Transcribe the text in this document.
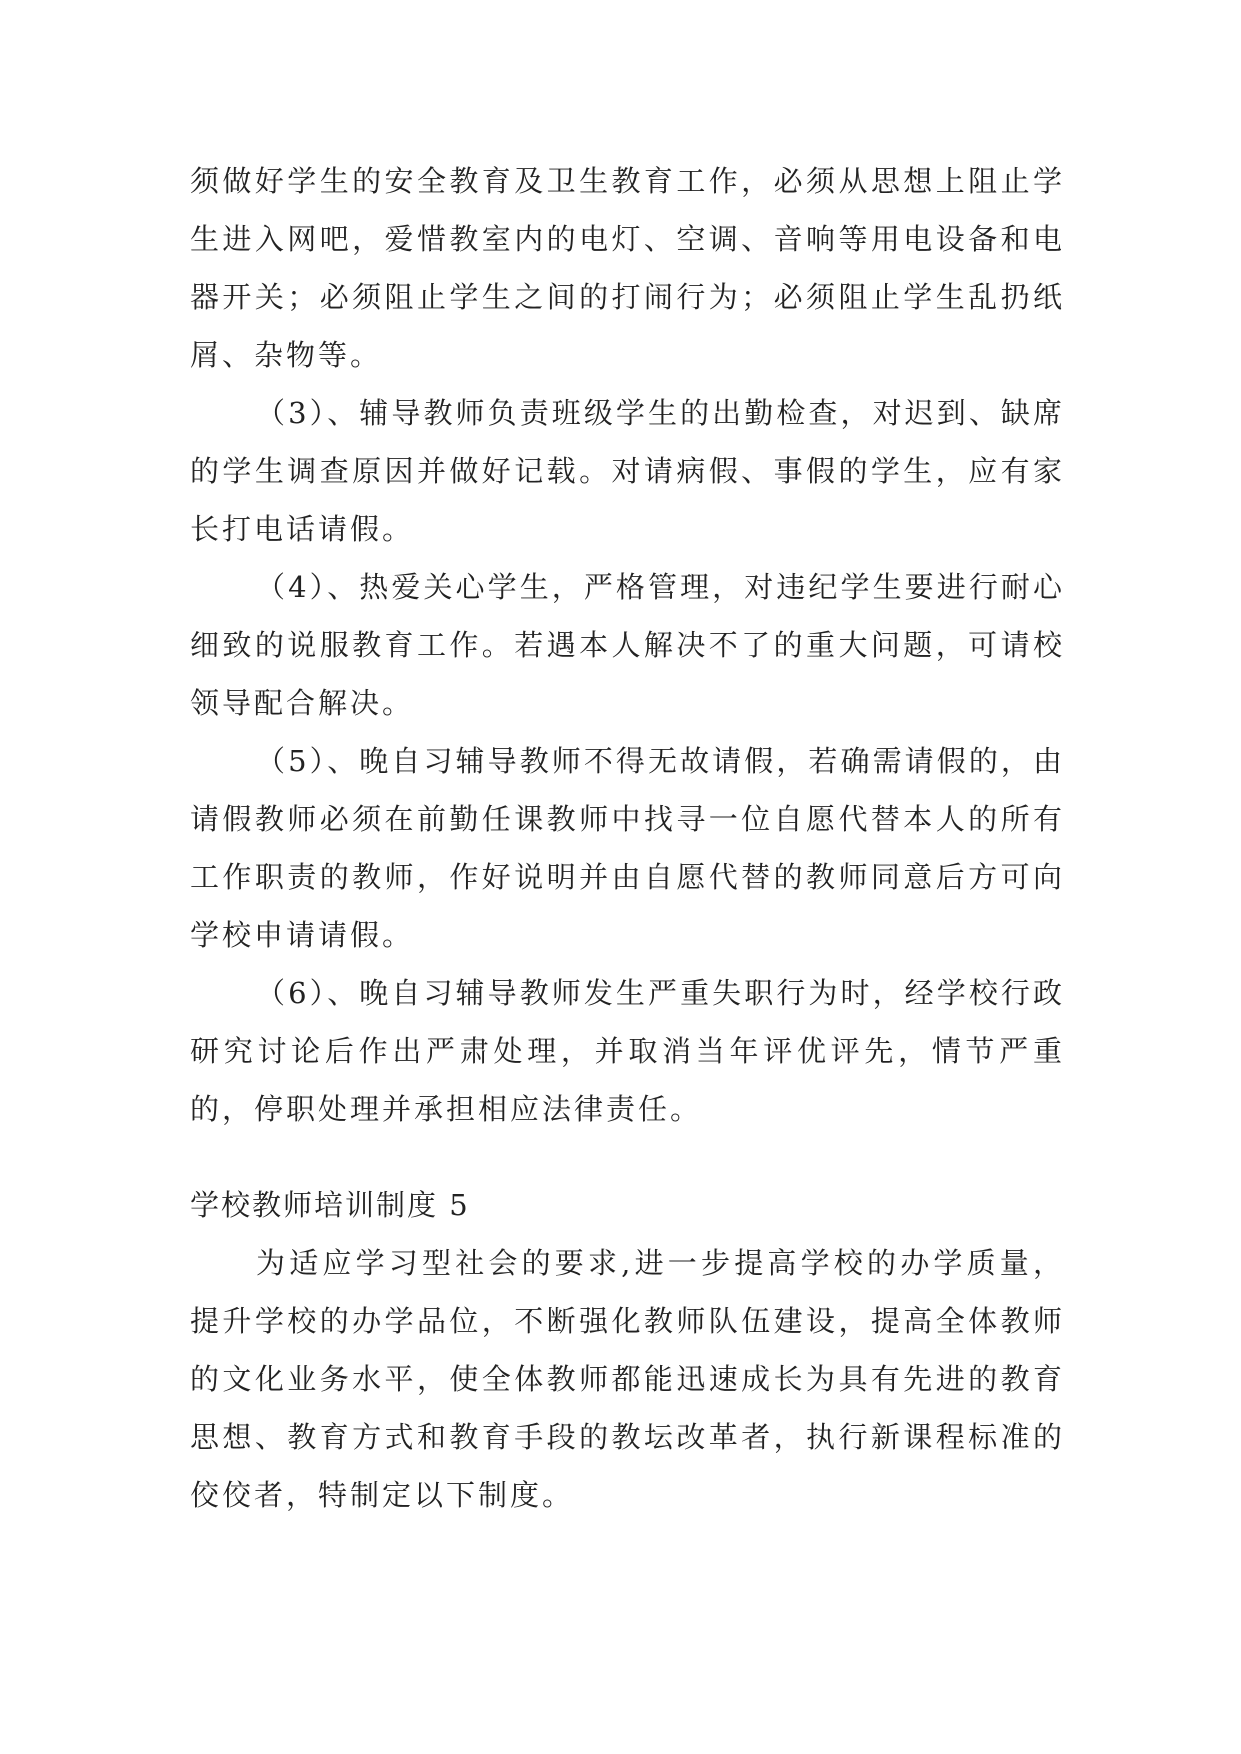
须做好学生的安全教育及卫生教育工作，必须从思想上阻止学生进入网吧，爱惜教室内的电灯、空调、音响等用电设备和电器开关；必须阻止学生之间的打闹行为；必须阻止学生乱扔纸屑、杂物等。

（3）、辅导教师负责班级学生的出勤检查，对迟到、缺席的学生调查原因并做好记载。对请病假、事假的学生，应有家长打电话请假。

（4）、热爱关心学生，严格管理，对违纪学生要进行耐心细致的说服教育工作。若遇本人解决不了的重大问题，可请校领导配合解决。

（5）、晚自习辅导教师不得无故请假，若确需请假的，由请假教师必须在前勤任课教师中找寻一位自愿代替本人的所有工作职责的教师，作好说明并由自愿代替的教师同意后方可向学校申请请假。

（6）、晚自习辅导教师发生严重失职行为时，经学校行政研究讨论后作出严肃处理，并取消当年评优评先，情节严重的，停职处理并承担相应法律责任。

学校教师培训制度 5

为适应学习型社会的要求,进一步提高学校的办学质量，提升学校的办学品位，不断强化教师队伍建设，提高全体教师的文化业务水平，使全体教师都能迅速成长为具有先进的教育思想、教育方式和教育手段的教坛改革者，执行新课程标准的佼佼者，特制定以下制度。
